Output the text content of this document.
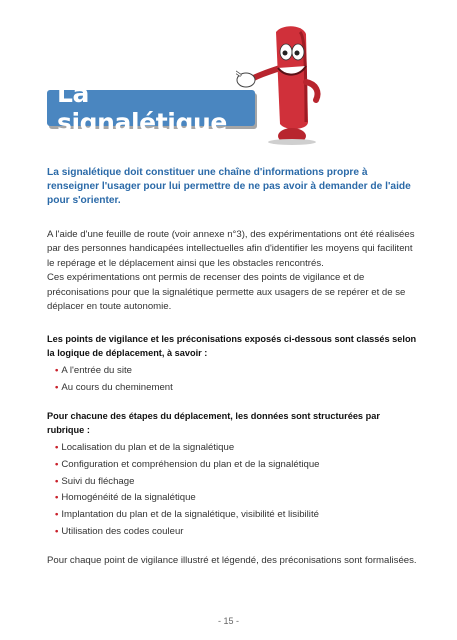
La signalétique

La signalétique doit constituer une chaîne d'informations propre à renseigner l'usager pour lui permettre de ne pas avoir à demander de l'aide pour s'orienter.

A l'aide d'une feuille de route (voir annexe n°3), des expérimentations ont été réalisées par des personnes handicapées intellectuelles afin d'identifier les moyens qui facilitent le repérage et le déplacement ainsi que les obstacles rencontrés.

Ces expérimentations ont permis de recenser des points de vigilance et de préconisations pour que la signalétique permette aux usagers de se repérer et de se déplacer en toute autonomie.

Les points de vigilance et les préconisations exposés ci-dessous sont classés selon la logique de déplacement, à savoir :

• A l'entrée du site
• Au cours du cheminement

Pour chacune des étapes du déplacement, les données sont structurées par rubrique :

• Localisation du plan et de la signalétique
• Configuration et compréhension du plan et de la signalétique
• Suivi du fléchage
• Homogénéité de la signalétique
• Implantation du plan et de la signalétique, visibilité et lisibilité
• Utilisation des codes couleur

Pour chaque point de vigilance illustré et légendé, des préconisations sont formalisées.

- 15 -
